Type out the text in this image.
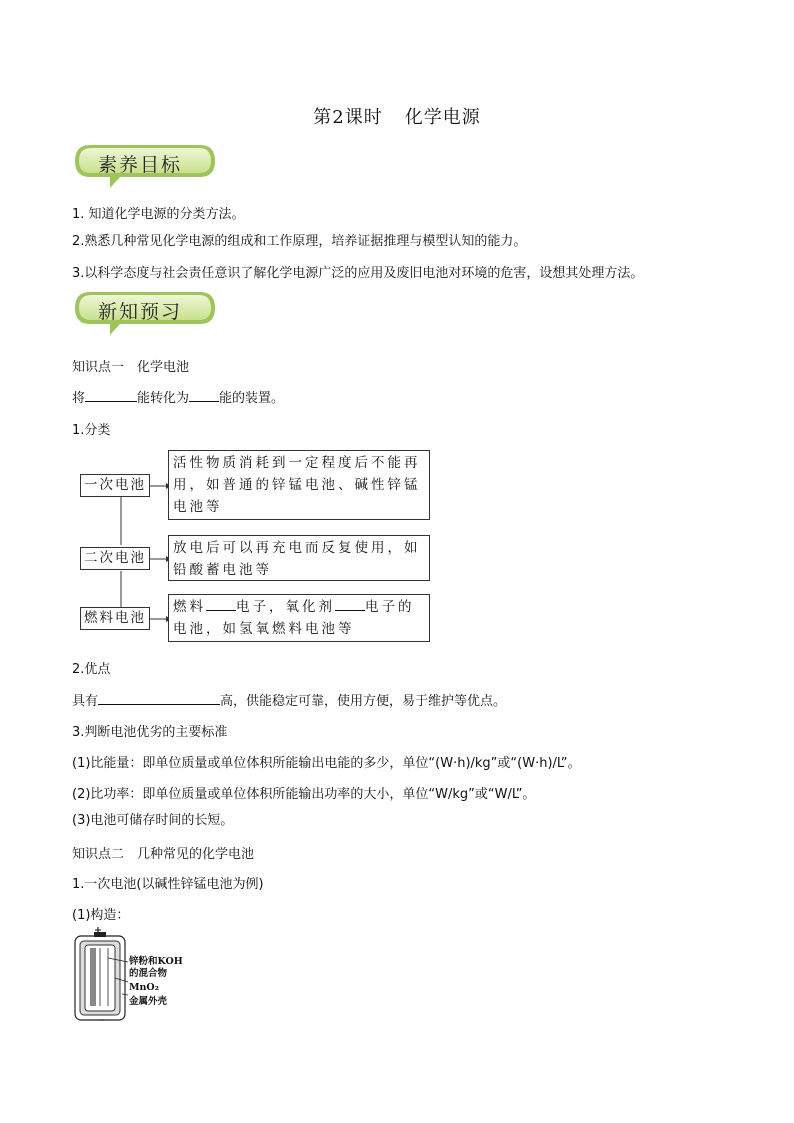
第2课时 化学电源
素养目标
1. 知道化学电源的分类方法。
2.熟悉几种常见化学电源的组成和工作原理，培养证据推理与模型认知的能力。
3.以科学态度与社会责任意识了解化学电源广泛的应用及废旧电池对环境的危害，设想其处理方法。
新知预习
知识点一　化学电池
将	能转化为 能的装置。
1.分类
一次电池
二次电池
燃料电池
活性物质消耗到一定程度后不能再用，如普通的锌锰电池、碱性锌锰电池等
放电后可以再充电而反复使用，如铅酸蓄电池等
燃料 电子，氧化剂 电子的电池，如氢氧燃料电池等
2.优点
具有	高，供能稳定可靠，使用方便，易于维护等优点。
3.判断电池优劣的主要标准
(1)比能量：即单位质量或单位体积所能输出电能的多少，单位“(W·h)/kg”或“(W·h)/L”。
(2)比功率：即单位质量或单位体积所能输出功率的大小，单位“W/kg”或“W/L”。
(3)电池可储存时间的长短。
知识点二　几种常见的化学电池
1.一次电池(以碱性锌锰电池为例)
(1)构造：
+
−
锌粉和KOH
的混合物
MnO₂
金属外壳
